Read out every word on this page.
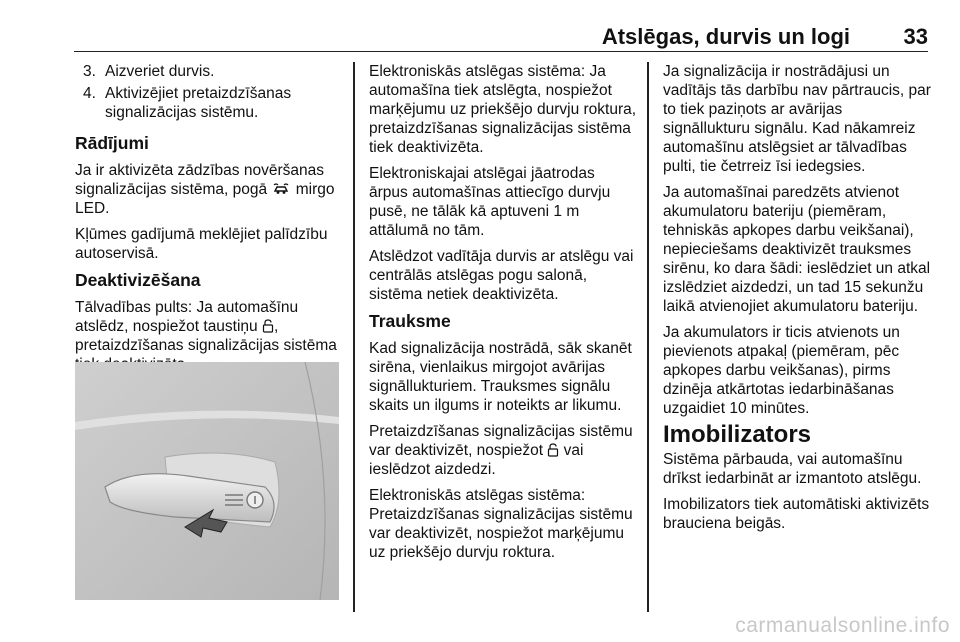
Atslēgas, durvis un logi 33
3. Aizveriet durvis.
4. Aktivizējiet pretaizdzīšanas signalizācijas sistēmu.
Rādījumi

Ja ir aktivizēta zādzības novēršanas signalizācijas sistēma, pogā mirgo LED.

Kļūmes gadījumā meklējiet palīdzību autoservisā.

Deaktivizēšana

Tālvadības pults: Ja automašīnu atslēdz, nospiežot taustiņu , pretaizdzīšanas signalizācijas sistēma

Elektroniskās atslēgas sistēma: Ja automašīna tiek atslēgta, nospiežot marķējumu uz priekšējo durvju roktura, pretaizdzīšanas signalizācijas sistēma tiek deaktivizēta.

Elektroniskajai atslēgai jāatrodas ārpus automašīnas attiecīgo durvju pusē, ne tālāk kā aptuveni 1 m attālumā no tām.

Atslēdzot vadītāja durvis ar atslēgu vai centrālās atslēgas pogu salonā, sistēma netiek deaktivizēta.

Trauksme

Kad signalizācija nostrādā, sāk skanēt sirēna, vienlaikus mirgojot avārijas signāllukturiem. Trauksmes signālu skaits un ilgums ir noteikts ar likumu.

Pretaizdzīšanas signalizācijas sistēmu var deaktivizēt, nospiežot vai ieslēdzot aizdedzi.

Elektroniskās atslēgas sistēma: Pretaizdzīšanas signalizācijas sistēmu var deaktivizēt, nospiežot marķējumu uz priekšējo durvju roktura.

Ja signalizācija ir nostrādājusi un vadītājs tās darbību nav pārtraucis, par to tiek paziņots ar avārijas signāllukturu signālu. Kad nākamreiz automašīnu atslēgsiet ar tālvadības pulti, tie četrreiz īsi iedegsies.

Ja automašīnai paredzēts atvienot akumulatoru bateriju (piemēram, tehniskās apkopes darbu veikšanai), nepieciešams deaktivizēt trauksmes sirēnu, ko dara šādi: ieslēdziet un atkal izslēdziet aizdedzi, un tad 15 sekunžu laikā atvienojiet akumulatoru bateriju.

Ja akumulators ir ticis atvienots un pievienots atpakaļ (piemēram, pēc apkopes darbu veikšanas), pirms dzinēja atkārtotas iedarbināšanas uzgaidiet 10 minūtes.

Imobilizators

Sistēma pārbauda, vai automašīnu drīkst iedarbināt ar izmantoto atslēgu.

Imobilizators tiek automātiski aktivizēts brauciena beigās.

carmanualsonline.info
